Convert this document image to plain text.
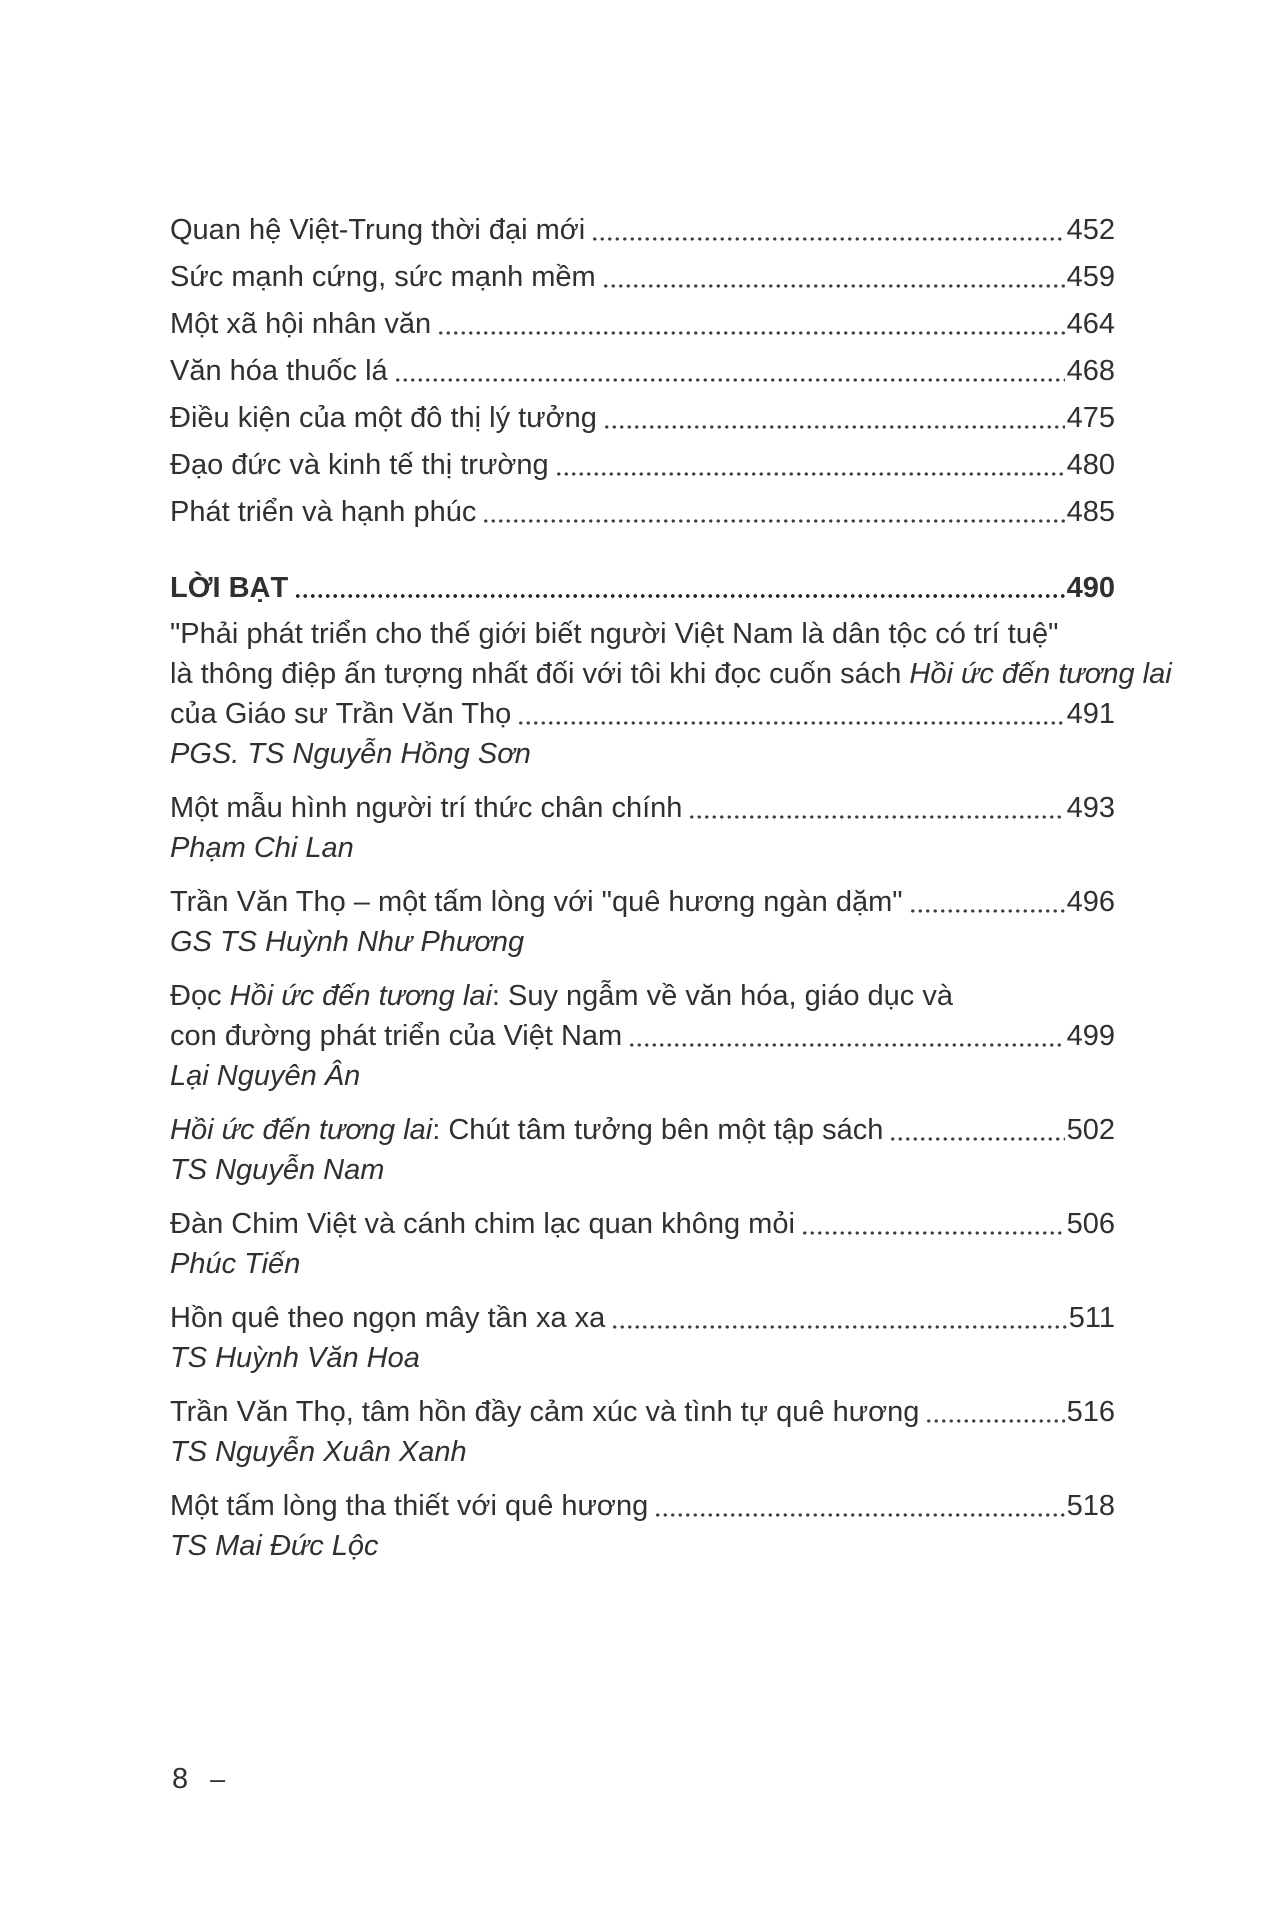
Quan hệ Việt-Trung thời đại mới	452
Sức mạnh cứng, sức mạnh mềm	459
Một xã hội nhân văn	464
Văn hóa thuốc lá	468
Điều kiện của một đô thị lý tưởng	475
Đạo đức và kinh tế thị trường	480
Phát triển và hạnh phúc	485
LỜI BẠT	490
"Phải phát triển cho thế giới biết người Việt Nam là dân tộc có trí tuệ"
là thông điệp ấn tượng nhất đối với tôi khi đọc cuốn sách Hồi ức đến tương lai
của Giáo sư Trần Văn Thọ	491
PGS. TS Nguyễn Hồng Sơn
Một mẫu hình người trí thức chân chính	493
Phạm Chi Lan
Trần Văn Thọ – một tấm lòng với "quê hương ngàn dặm"	496
GS TS Huỳnh Như Phương
Đọc Hồi ức đến tương lai: Suy ngẫm về văn hóa, giáo dục và
con đường phát triển của Việt Nam	499
Lại Nguyên Ân
Hồi ức đến tương lai: Chút tâm tưởng bên một tập sách	502
TS Nguyễn Nam
Đàn Chim Việt và cánh chim lạc quan không mỏi	506
Phúc Tiến
Hồn quê theo ngọn mây tần xa xa	511
TS Huỳnh Văn Hoa
Trần Văn Thọ, tâm hồn đầy cảm xúc và tình tự quê hương	516
TS Nguyễn Xuân Xanh
Một tấm lòng tha thiết với quê hương	518
TS Mai Đức Lộc
8 –
